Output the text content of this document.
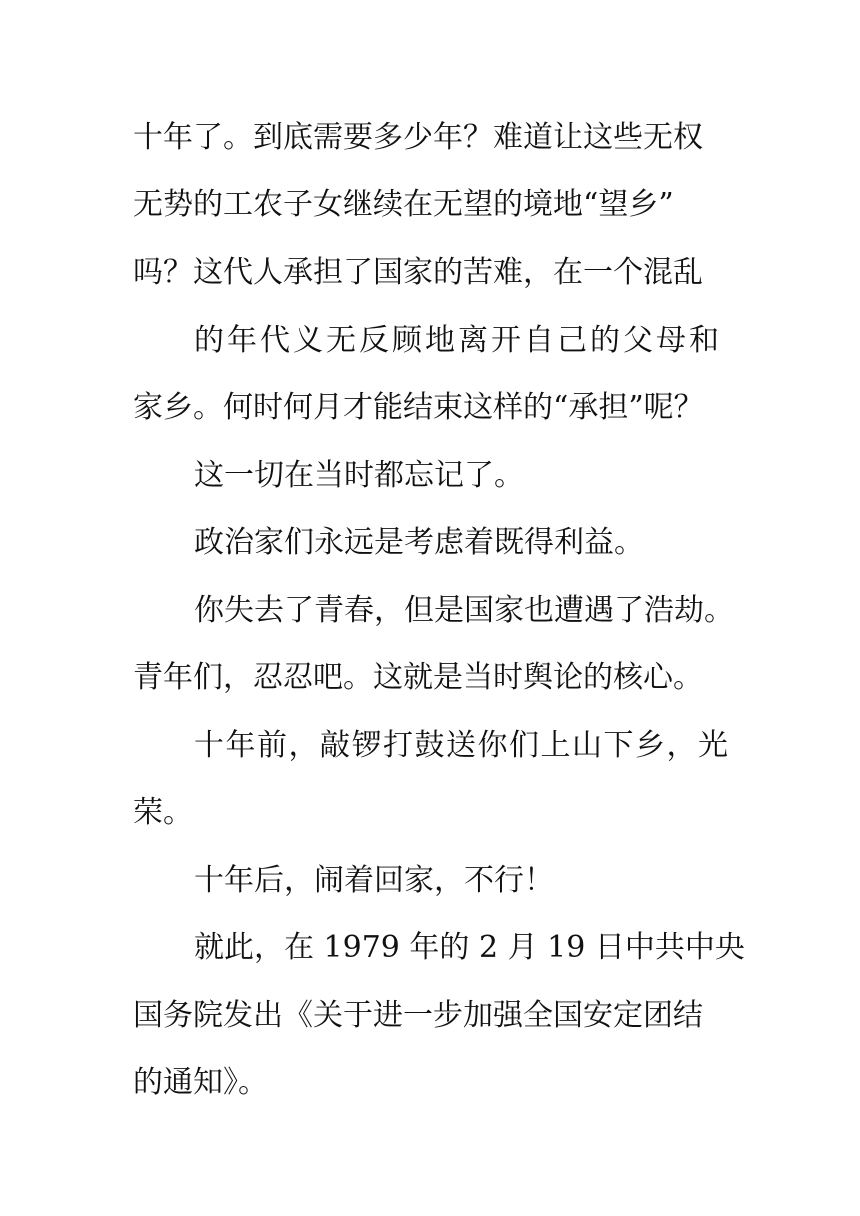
十年了。到底需要多少年？难道让这些无权
无势的工农子女继续在无望的境地“望乡”
吗？这代人承担了国家的苦难，在一个混乱
的年代义无反顾地离开自己的父母和
家乡。何时何月才能结束这样的“承担”呢？
这一切在当时都忘记了。
政治家们永远是考虑着既得利益。
你失去了青春，但是国家也遭遇了浩劫。
青年们，忍忍吧。这就是当时舆论的核心。
十年前，敲锣打鼓送你们上山下乡，光
荣。
十年后，闹着回家，不行！
就此，在 1979 年的 2 月 19 日中共中央
国务院发出《关于进一步加强全国安定团结
的通知》。
